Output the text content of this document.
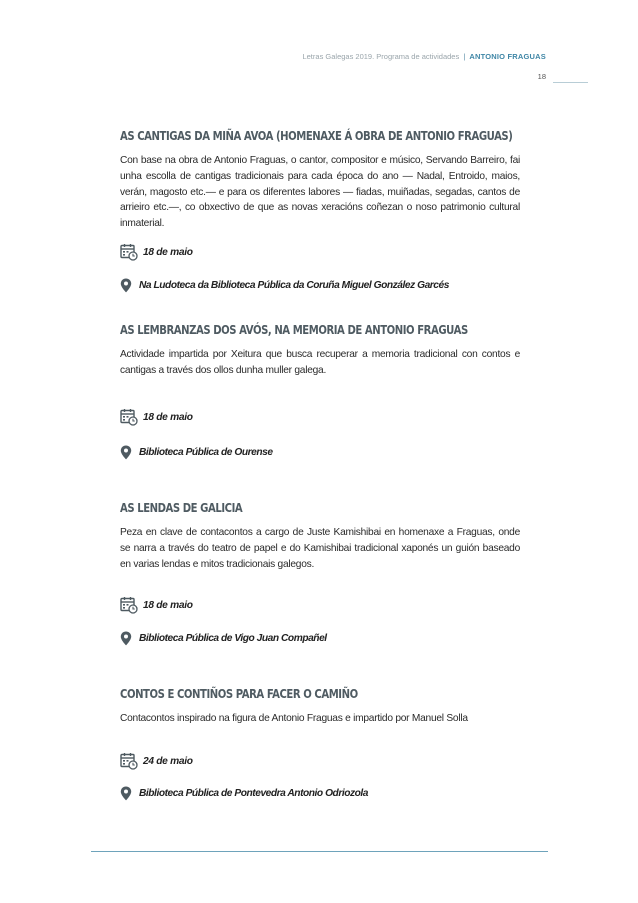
Letras Galegas 2019. Programa de actividades | ANTONIO FRAGUAS
18
AS CANTIGAS DA MIÑA AVOA (HOMENAXE Á OBRA DE ANTONIO FRAGUAS)

Con base na obra de Antonio Fraguas, o cantor, compositor e músico, Servando Barreiro, fai unha escolla de cantigas tradicionais para cada época do ano — Nadal, Entroido, maios, verán, magosto etc.— e para os diferentes labores — fiadas, muiñadas, segadas, cantos de arrieiro etc.—, co obxectivo de que as novas xeracións coñezan o noso patrimonio cultural inmaterial.

18 de maio
Na Ludoteca da Biblioteca Pública da Coruña Miguel González Garcés
AS LEMBRANZAS DOS AVÓS, NA MEMORIA DE ANTONIO FRAGUAS

Actividade impartida por Xeitura que busca recuperar a memoria tradicional con contos e cantigas a través dos ollos dunha muller galega.

18 de maio
Biblioteca Pública de Ourense
AS LENDAS DE GALICIA

Peza en clave de contacontos a cargo de Juste Kamishibai en homenaxe a Fraguas, onde se narra a través do teatro de papel e do Kamishibai tradicional xaponés un guión baseado en varias lendas e mitos tradicionais galegos.

18 de maio
Biblioteca Pública de Vigo Juan Compañel
CONTOS E CONTIÑOS PARA FACER O CAMIÑO

Contacontos inspirado na figura de Antonio Fraguas e impartido por Manuel Solla

24 de maio
Biblioteca Pública de Pontevedra Antonio Odriozola
